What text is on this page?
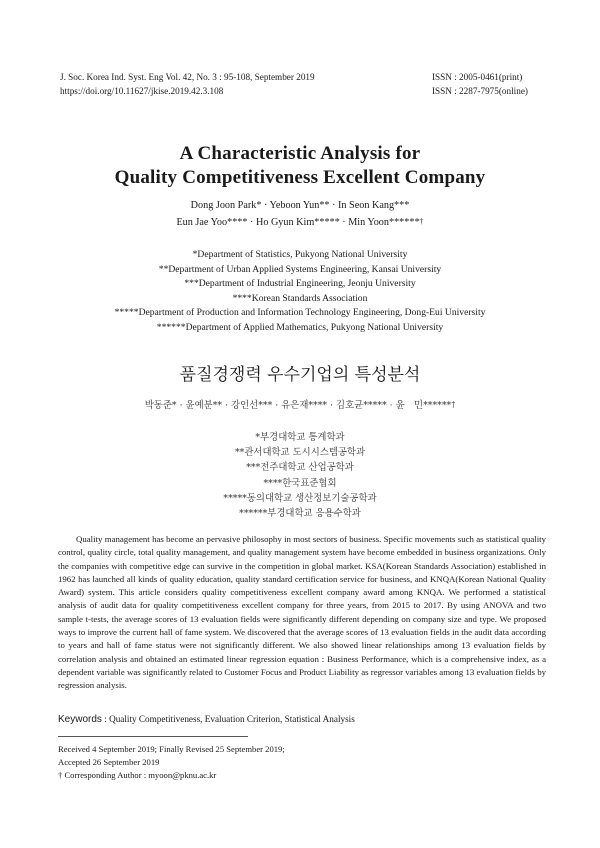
J. Soc. Korea Ind. Syst. Eng Vol. 42, No. 3 : 95-108, September 2019
https://doi.org/10.11627/jkise.2019.42.3.108
ISSN : 2005-0461(print)
ISSN : 2287-7975(online)
A Characteristic Analysis for
Quality Competitiveness Excellent Company
Dong Joon Park* · Yeboon Yun** · In Seon Kang***
Eun Jae Yoo**** · Ho Gyun Kim***** · Min Yoon******†
*Department of Statistics, Pukyong National University
**Department of Urban Applied Systems Engineering, Kansai University
***Department of Industrial Engineering, Jeonju University
****Korean Standards Association
*****Department of Production and Information Technology Engineering, Dong-Eui University
******Department of Applied Mathematics, Pukyong National University
품질경쟁력 우수기업의 특성분석
박동준* · 윤예분** · 강인선*** · 유은재**** · 김호균***** · 윤　민******†
*부경대학교 통계학과
**관서대학교 도시시스템공학과
***전주대학교 산업공학과
****한국표준협회
*****동의대학교 생산정보기술공학과
******부경대학교 응용수학과

Quality management has become an pervasive philosophy in most sectors of business. Specific movements such as statistical quality control, quality circle, total quality management, and quality management system have become embedded in business organizations. Only the companies with competitive edge can survive in the competition in global market. KSA(Korean Standards Association) established in 1962 has launched all kinds of quality education, quality standard certification service for business, and KNQA(Korean National Quality Award) system. This article considers quality competitiveness excellent company award among KNQA. We performed a statistical analysis of audit data for quality competitiveness excellent company for three years, from 2015 to 2017. By using ANOVA and two sample t-tests, the average scores of 13 evaluation fields were significantly different depending on company size and type. We proposed ways to improve the current hall of fame system. We discovered that the average scores of 13 evaluation fields in the audit data according to years and hall of fame status were not significantly different. We also showed linear relationships among 13 evaluation fields by correlation analysis and obtained an estimated linear regression equation : Business Performance, which is a comprehensive index, as a dependent variable was significantly related to Customer Focus and Product Liability as regressor variables among 13 evaluation fields by regression analysis.

Keywords : Quality Competitiveness, Evaluation Criterion, Statistical Analysis
Received 4 September 2019; Finally Revised 25 September 2019;
Accepted 26 September 2019
† Corresponding Author : myoon@pknu.ac.kr
